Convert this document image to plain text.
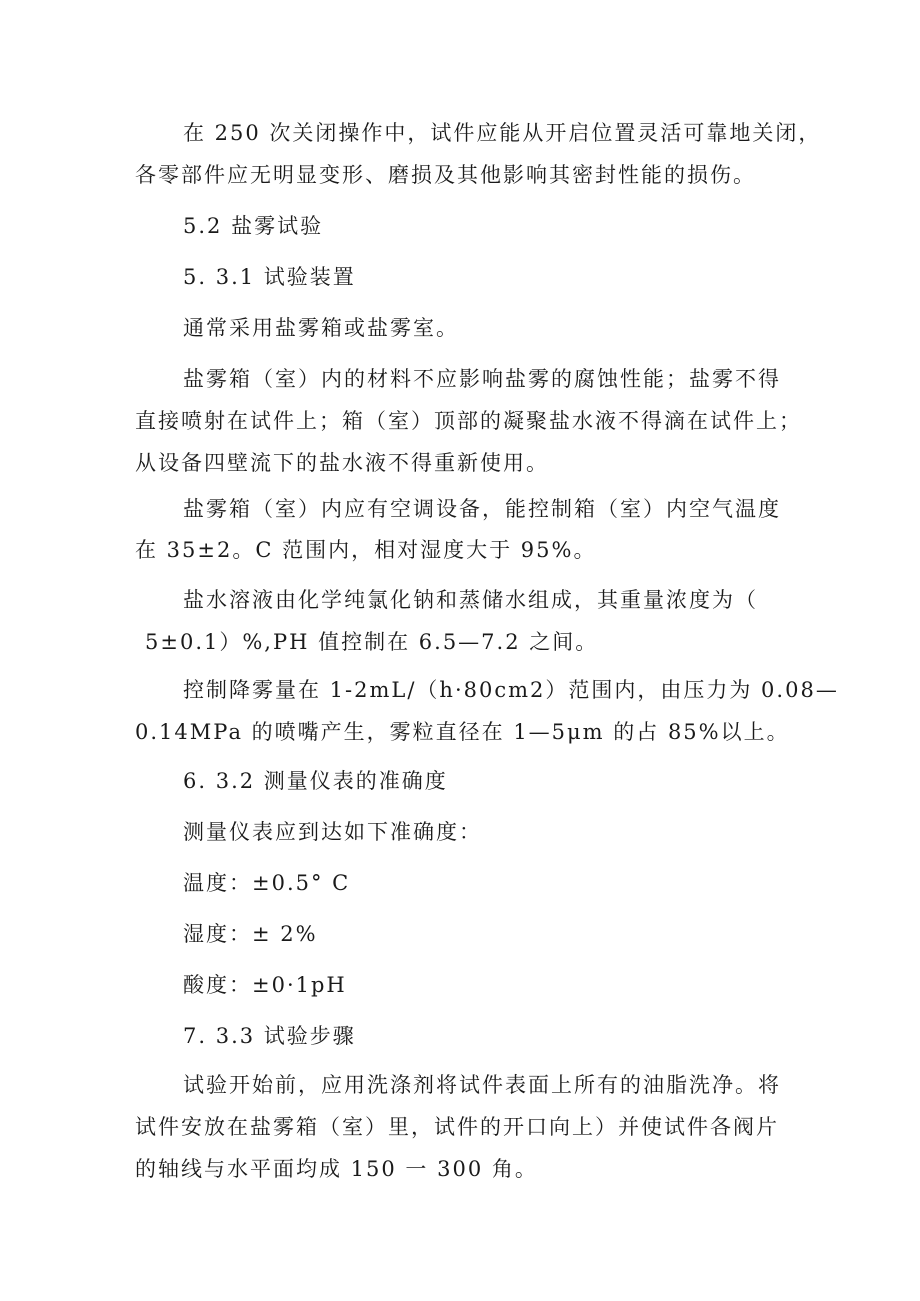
在 250 次关闭操作中，试件应能从开启位置灵活可靠地关闭，
各零部件应无明显变形、磨损及其他影响其密封性能的损伤。
5.2 盐雾试验
5. 3.1 试验装置
通常采用盐雾箱或盐雾室。
盐雾箱（室）内的材料不应影响盐雾的腐蚀性能；盐雾不得
直接喷射在试件上；箱（室）顶部的凝聚盐水液不得滴在试件上；
从设备四壁流下的盐水液不得重新使用。
盐雾箱（室）内应有空调设备，能控制箱（室）内空气温度
在 35±2。C 范围内，相对湿度大于 95%。
盐水溶液由化学纯氯化钠和蒸储水组成，其重量浓度为（
5±0.1）%,PH 值控制在 6.5—7.2 之间。
控制降雾量在 1-2mL/（h·80cm2）范围内，由压力为 0.08—
0.14MPa 的喷嘴产生，雾粒直径在 1—5μm 的占 85%以上。
6. 3.2 测量仪表的准确度
测量仪表应到达如下准确度：
温度：±0.5° C
湿度：± 2%
酸度：±0·1pH
7. 3.3 试验步骤
试验开始前，应用洗涤剂将试件表面上所有的油脂洗净。将
试件安放在盐雾箱（室）里，试件的开口向上）并使试件各阀片
的轴线与水平面均成 150 一 300 角。
